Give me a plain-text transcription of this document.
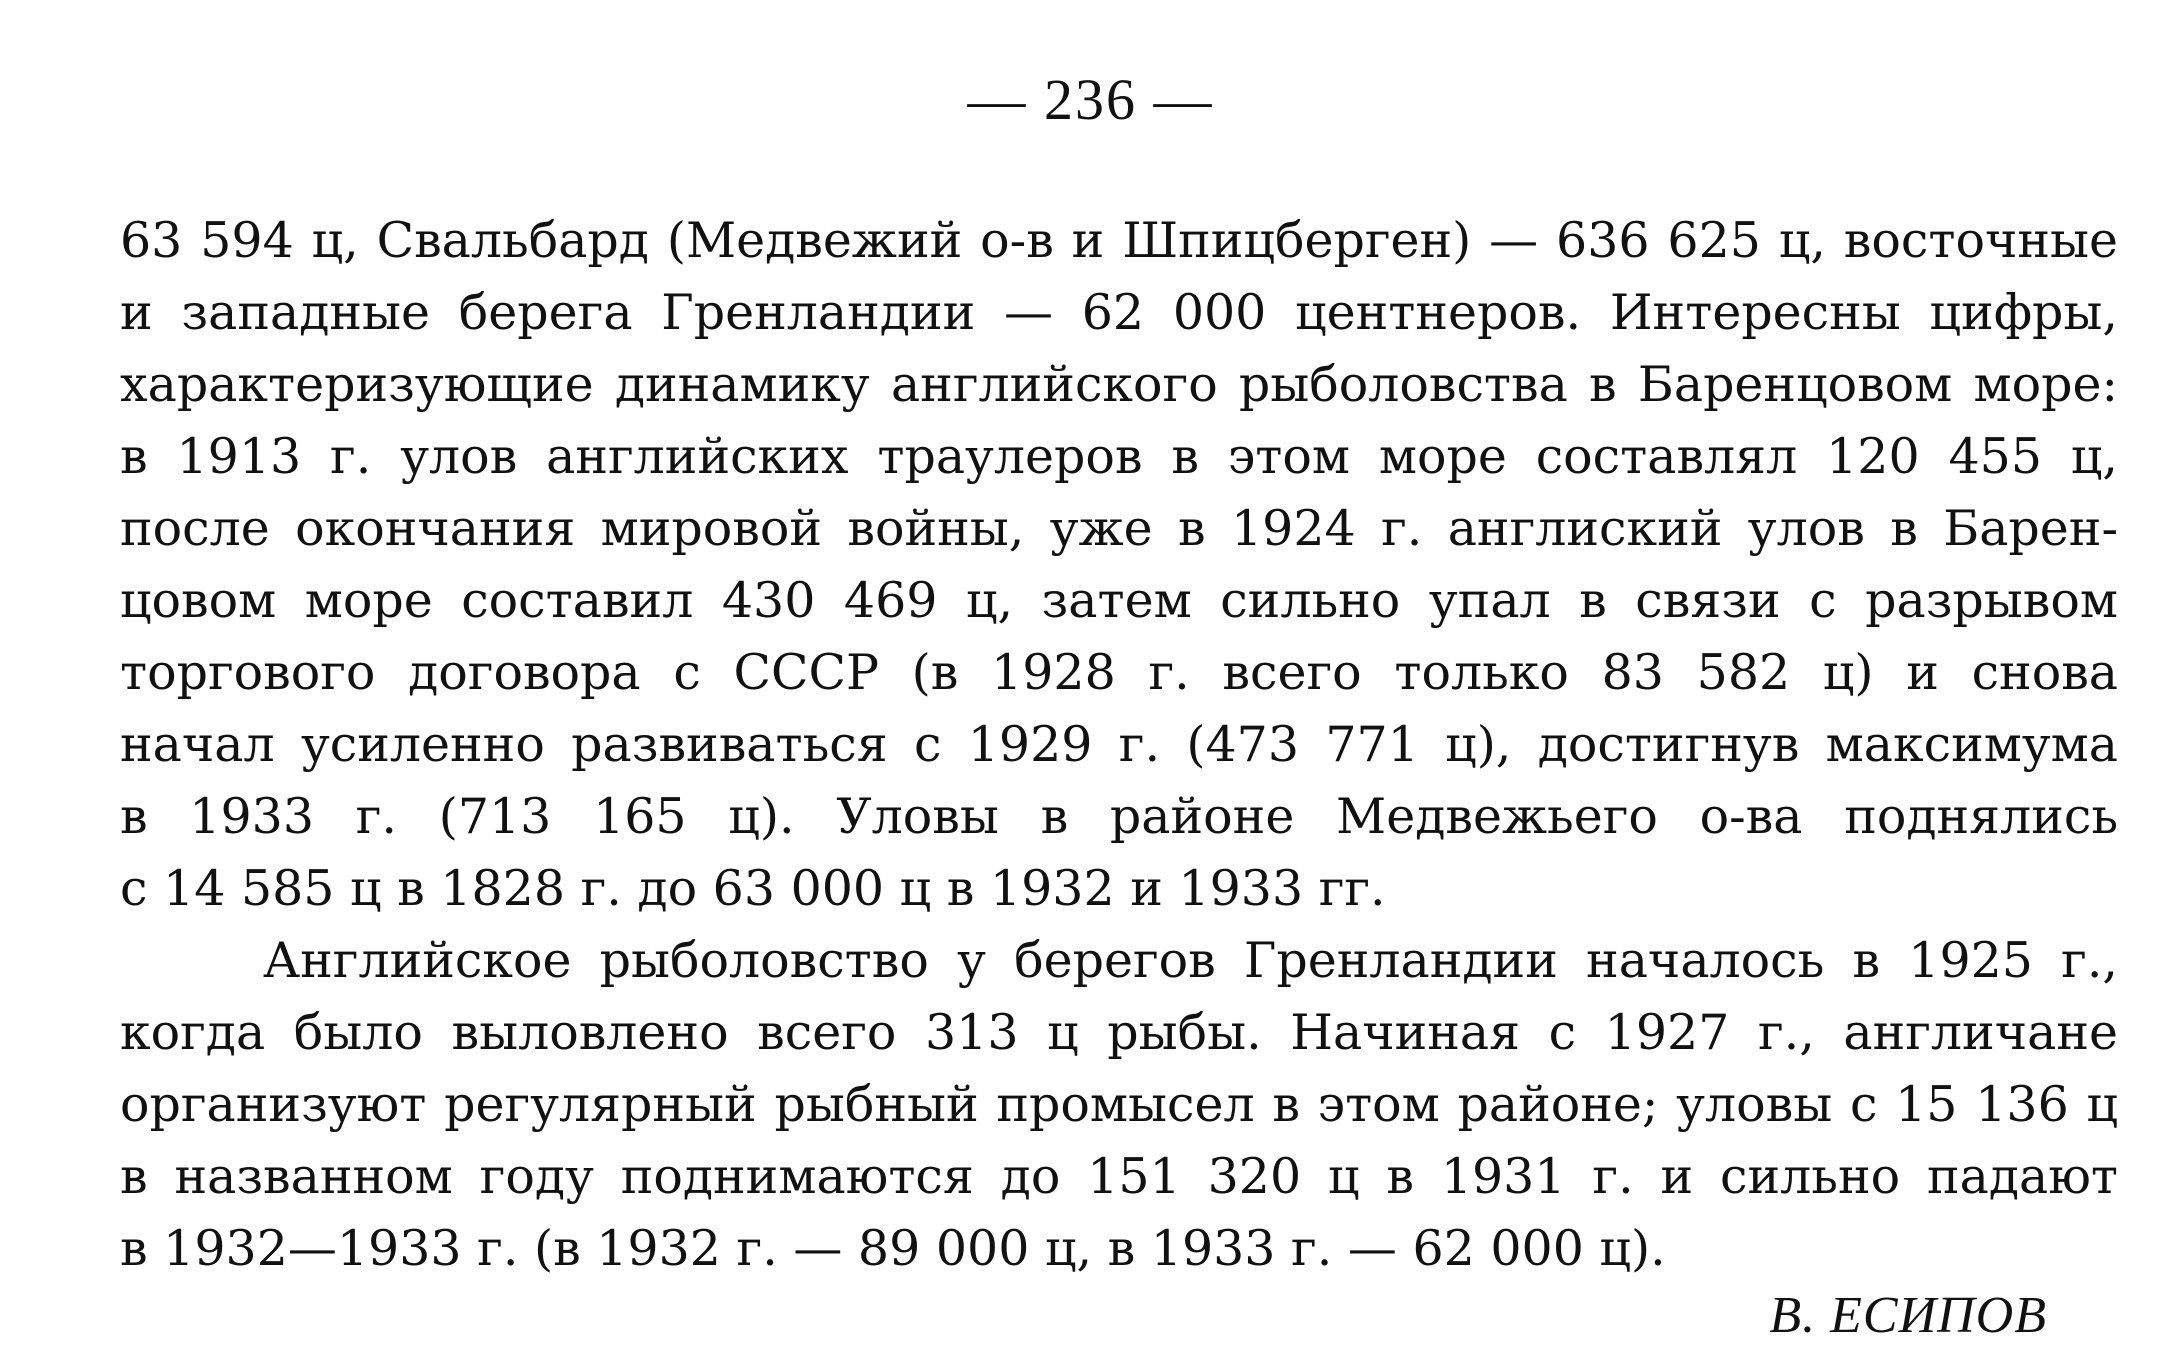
— 236 —
63 594 ц, Свальбард (Медвежий о-в и Шпицберген) — 636 625 ц, восточные
и западные берега Гренландии — 62 000 центнеров. Интересны цифры,
характеризующие динамику английского рыболовства в Баренцовом море:
в 1913 г. улов английских траулеров в этом море составлял 120 455 ц,
после окончания мировой войны, уже в 1924 г. англиский улов в Барен-
цовом море составил 430 469 ц, затем сильно упал в связи с разрывом
торгового договора с СССР (в 1928 г. всего только 83 582 ц) и снова
начал усиленно развиваться с 1929 г. (473 771 ц), достигнув максимума
в 1933 г. (713 165 ц). Уловы в районе Медвежьего о-ва поднялись
с 14 585 ц в 1828 г. до 63 000 ц в 1932 и 1933 гг.
Английское рыболовство у берегов Гренландии началось в 1925 г.,
когда было выловлено всего 313 ц рыбы. Начиная с 1927 г., англичане
организуют регулярный рыбный промысел в этом районе; уловы с 15 136 ц
в названном году поднимаются до 151 320 ц в 1931 г. и сильно падают
в 1932—1933 г. (в 1932 г. — 89 000 ц, в 1933 г. — 62 000 ц).
В. ЕСИПОВ
